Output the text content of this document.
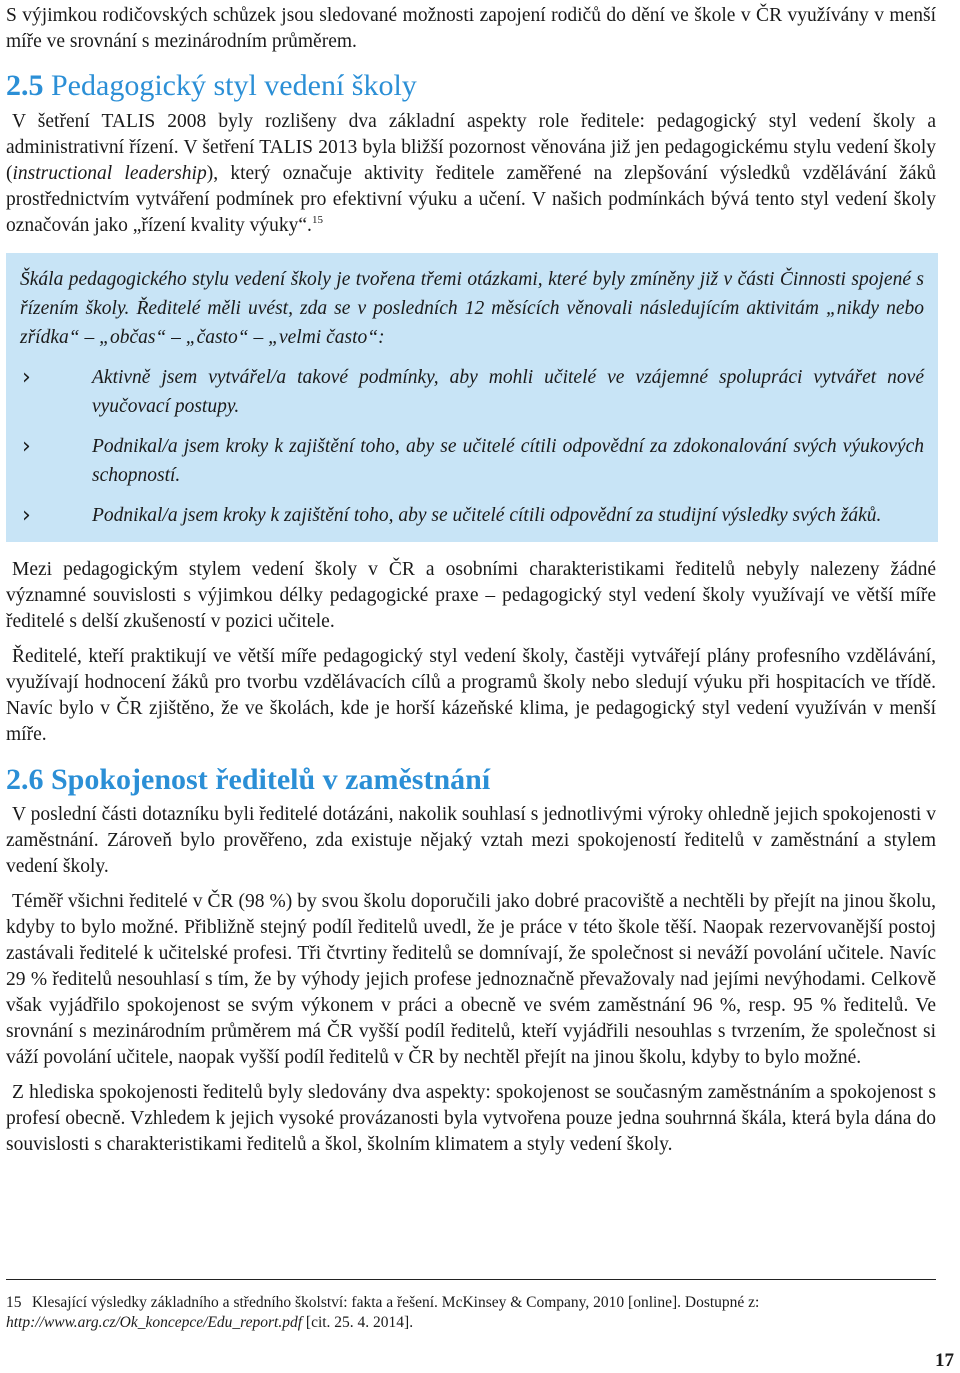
S výjimkou rodičovských schůzek jsou sledované možnosti zapojení rodičů do dění ve škole v ČR využívány v menší míře ve srovnání s mezinárodním průměrem.

2.5 Pedagogický styl vedení školy

V šetření TALIS 2008 byly rozlišeny dva základní aspekty role ředitele: pedagogický styl vedení školy a administrativní řízení. V šetření TALIS 2013 byla bližší pozornost věnována již jen pedagogickému stylu vedení školy (instructional leadership), který označuje aktivity ředitele zaměřené na zlepšování výsledků vzdělávání žáků prostřednictvím vytváření podmínek pro efektivní výuku a učení. V našich podmínkách bývá tento styl vedení školy označován jako „řízení kvality výuky“.$^{15}$

Škála pedagogického stylu vedení školy je tvořena třemi otázkami, které byly zmíněny již v části Činnosti spojené s řízením školy. Ředitelé měli uvést, zda se v posledních 12 měsících věnovali následujícím aktivitám „nikdy nebo zřídka“ – „občas“ – „často“ – „velmi často“:

›	Aktivně jsem vytvářel/a takové podmínky, aby mohli učitelé ve vzájemné spolupráci vytvářet nové vyučovací postupy.
›	Podnikal/a jsem kroky k zajištění toho, aby se učitelé cítili odpovědní za zdokonalování svých výukových schopností.
›	Podnikal/a jsem kroky k zajištění toho, aby se učitelé cítili odpovědní za studijní výsledky svých žáků.

Mezi pedagogickým stylem vedení školy v ČR a osobními charakteristikami ředitelů nebyly nalezeny žádné významné souvislosti s výjimkou délky pedagogické praxe – pedagogický styl vedení školy využívají ve větší míře ředitelé s delší zkušeností v pozici učitele.

Ředitelé, kteří praktikují ve větší míře pedagogický styl vedení školy, častěji vytvářejí plány profesního vzdělávání, využívají hodnocení žáků pro tvorbu vzdělávacích cílů a programů školy nebo sledují výuku při hospitacích ve třídě. Navíc bylo v ČR zjištěno, že ve školách, kde je horší kázeňské klima, je pedagogický styl vedení využíván v menší míře.

2.6 Spokojenost ředitelů v zaměstnání

V poslední části dotazníku byli ředitelé dotázáni, nakolik souhlasí s jednotlivými výroky ohledně jejich spokojenosti v zaměstnání. Zároveň bylo prověřeno, zda existuje nějaký vztah mezi spokojeností ředitelů v zaměstnání a stylem vedení školy.

Téměř všichni ředitelé v ČR (98 %) by svou školu doporučili jako dobré pracoviště a nechtěli by přejít na jinou školu, kdyby to bylo možné. Přibližně stejný podíl ředitelů uvedl, že je práce v této škole těší. Naopak rezervovanější postoj zastávali ředitelé k učitelské profesi. Tři čtvrtiny ředitelů se domnívají, že společnost si neváží povolání učitele. Navíc 29 % ředitelů nesouhlasí s tím, že by výhody jejich profese jednoznačně převažovaly nad jejími nevýhodami. Celkově však vyjádřilo spokojenost se svým výkonem v práci a obecně ve svém zaměstnání 96 %, resp. 95 % ředitelů. Ve srovnání s mezinárodním průměrem má ČR vyšší podíl ředitelů, kteří vyjádřili nesouhlas s tvrzením, že společnost si váží povolání učitele, naopak vyšší podíl ředitelů v ČR by nechtěl přejít na jinou školu, kdyby to bylo možné.

Z hlediska spokojenosti ředitelů byly sledovány dva aspekty: spokojenost se současným zaměstnáním a spokojenost s profesí obecně. Vzhledem k jejich vysoké provázanosti byla vytvořena pouze jedna souhrnná škála, která byla dána do souvislosti s charakteristikami ředitelů a škol, školním klimatem a styly vedení školy.

15 Klesající výsledky základního a středního školství: fakta a řešení. McKinsey & Company, 2010 [online]. Dostupné z: http://www.arg.cz/Ok_koncepce/Edu_report.pdf [cit. 25. 4. 2014].
17
